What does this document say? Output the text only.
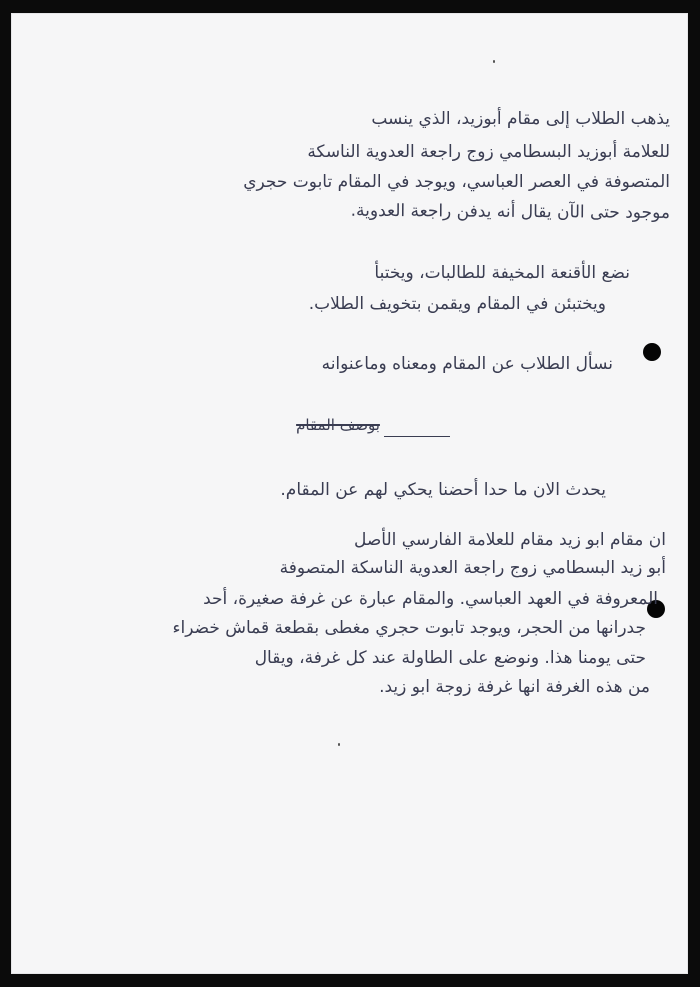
يذهب الطلاب إلى مقام أبوزيد، الذي ينسب
للعلامة أبوزيد البسطامي زوج راجعة العدوية الناسكة
المتصوفة في العصر العباسي، ويوجد في المقام تابوت حجري
موجود حتى الآن يقال أنه يدفن راجعة العدوية.
نضع الأقنعة المخيفة للطالبات، ويختبأ
ويختبئن في المقام ويقمن بتخويف الطلاب.
نسأل الطلاب عن المقام ومعناه وماعنوانه
بوصف المقام
يحدث الان ما حدا أحضنا يحكي لهم عن المقام.
ان مقام ابو زيد مقام للعلامة الفارسي الأصل
أبو زيد البسطامي زوج راجعة العدوية الناسكة المتصوفة
المعروفة في العهد العباسي. والمقام عبارة عن غرفة صغيرة، أحد
جدرانها من الحجر، ويوجد تابوت حجري مغطى بقطعة قماش خضراء
حتى يومنا هذا. ونوضع على الطاولة عند كل غرفة، ويقال
من هذه الغرفة انها غرفة زوجة ابو زيد.
